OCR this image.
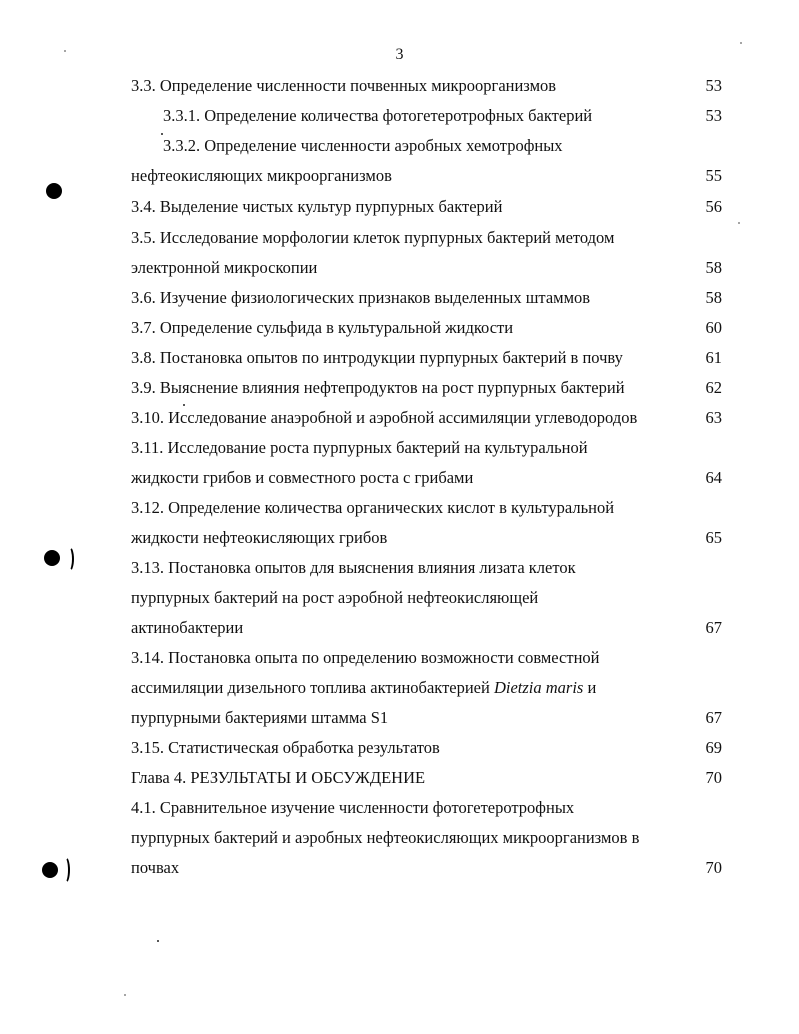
3
3.3. Определение численности почвенных микроорганизмов	53
3.3.1. Определение количества фотогетеротрофных бактерий	53
3.3.2. Определение численности аэробных хемотрофных
нефтеокисляющих микроорганизмов	55
3.4. Выделение чистых культур пурпурных бактерий	56
3.5. Исследование морфологии клеток пурпурных бактерий методом
электронной микроскопии	58
3.6. Изучение физиологических признаков выделенных штаммов	58
3.7. Определение сульфида в культуральной жидкости	60
3.8. Постановка опытов по интродукции пурпурных бактерий в почву	61
3.9. Выяснение влияния нефтепродуктов на рост пурпурных бактерий	62
3.10. Исследование анаэробной и аэробной ассимиляции углеводородов	63
3.11. Исследование роста пурпурных бактерий на культуральной
жидкости грибов и совместного роста с грибами	64
3.12. Определение количества органических кислот в культуральной
жидкости нефтеокисляющих грибов	65
3.13. Постановка опытов для выяснения влияния лизата клеток
пурпурных бактерий на рост аэробной нефтеокисляющей
актинобактерии	67
3.14. Постановка опыта по определению возможности совместной
ассимиляции дизельного топлива актинобактерией Dietzia maris и
пурпурными бактериями штамма S1	67
3.15. Статистическая обработка результатов	69
Глава 4. РЕЗУЛЬТАТЫ И ОБСУЖДЕНИЕ	70
4.1. Сравнительное изучение численности фотогетеротрофных
пурпурных бактерий и аэробных нефтеокисляющих микроорганизмов в
почвах	70
